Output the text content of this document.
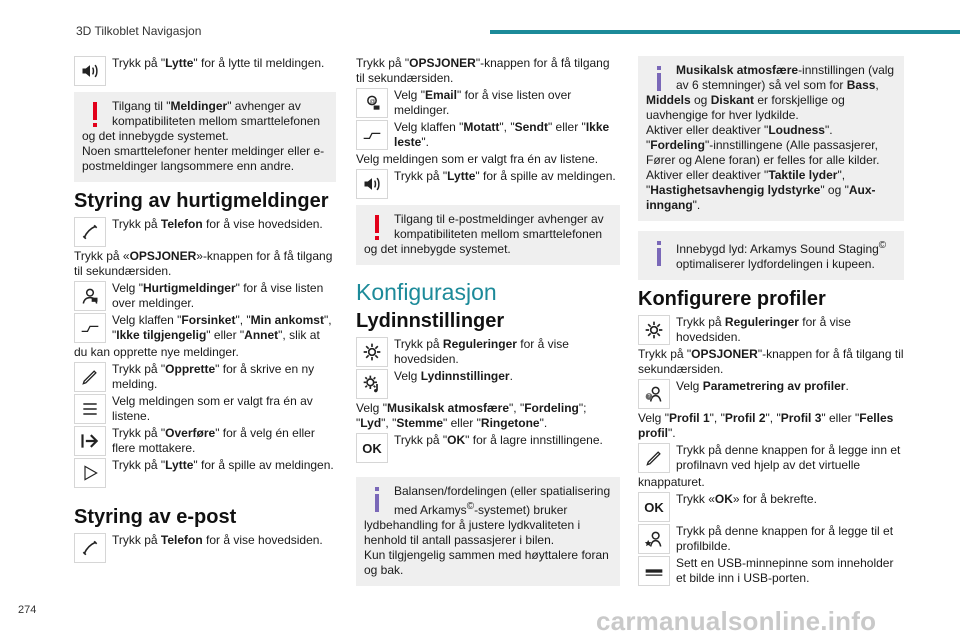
3D Tilkoblet Navigasjon
Trykk på "Lytte" for å lytte til meldingen.
Tilgang til "Meldinger" avhenger av kompatibiliteten mellom smarttelefonen
og det innebygde systemet.
Noen smarttelefoner henter meldinger eller e-postmeldinger langsommere enn andre.
Styring av hurtigmeldinger
Trykk på Telefon for å vise hovedsiden.
Trykk på «OPSJONER»-knappen for å få tilgang til sekundærsiden.
Velg "Hurtigmeldinger" for å vise listen over meldinger.
Velg klaffen "Forsinket", "Min ankomst", "Ikke tilgjengelig" eller "Annet", slik at
du kan opprette nye meldinger.
Trykk på "Opprette" for å skrive en ny melding.
Velg meldingen som er valgt fra én av listene.
Trykk på "Overføre" for å velg én eller flere mottakere.
Trykk på "Lytte" for å spille av meldingen.
Styring av e-post
Trykk på Telefon for å vise hovedsiden.
Trykk på "OPSJONER"-knappen for å få tilgang til sekundærsiden.
@ Velg "Email" for å vise listen over meldinger.
Velg klaffen "Motatt", "Sendt" eller "Ikke leste".
Velg meldingen som er valgt fra én av listene.
Trykk på "Lytte" for å spille av meldingen.
Tilgang til e-postmeldinger avhenger av kompatibiliteten mellom smarttelefonen
og det innebygde systemet.
Konfigurasjon
Lydinnstillinger
Trykk på Reguleringer for å vise hovedsiden.
Velg Lydinnstillinger.
Velg "Musikalsk atmosfære", "Fordeling"; "Lyd", "Stemme" eller "Ringetone".
OK
Trykk på "OK" for å lagre innstillingene.
Balansen/fordelingen (eller spatialisering med Arkamys©-systemet) bruker
lydbehandling for å justere lydkvaliteten i henhold til antall passasjerer i bilen.
Kun tilgjengelig sammen med høyttalere foran og bak.
Musikalsk atmosfære-innstillingen (valg av 6 stemninger) så vel som for Bass,
Middels og Diskant er forskjellige og uavhengige for hver lydkilde.
Aktiver eller deaktiver "Loudness".
"Fordeling"-innstillingene (Alle passasjerer, Fører og Alene foran) er felles for alle kilder.
Aktiver eller deaktiver "Taktile lyder", "Hastighetsavhengig lydstyrke" og "Aux-inngang".
Innebygd lyd: Arkamys Sound Staging© optimaliserer lydfordelingen i kupeen.
Konfigurere profiler
Trykk på Reguleringer for å vise hovedsiden.
Trykk på "OPSJONER"-knappen for å få tilgang til sekundærsiden.
?
Velg Parametrering av profiler.
Velg "Profil 1", "Profil 2", "Profil 3" eller "Felles profil".
Trykk på denne knappen for å legge inn et profilnavn ved hjelp av det virtuelle
knappaturet.
OK
Trykk «OK» for å bekrefte.
Trykk på denne knappen for å legge til et profilbilde.
Sett en USB-minnepinne som inneholder et bilde inn i USB-porten.
274	carmanualsonline.info
